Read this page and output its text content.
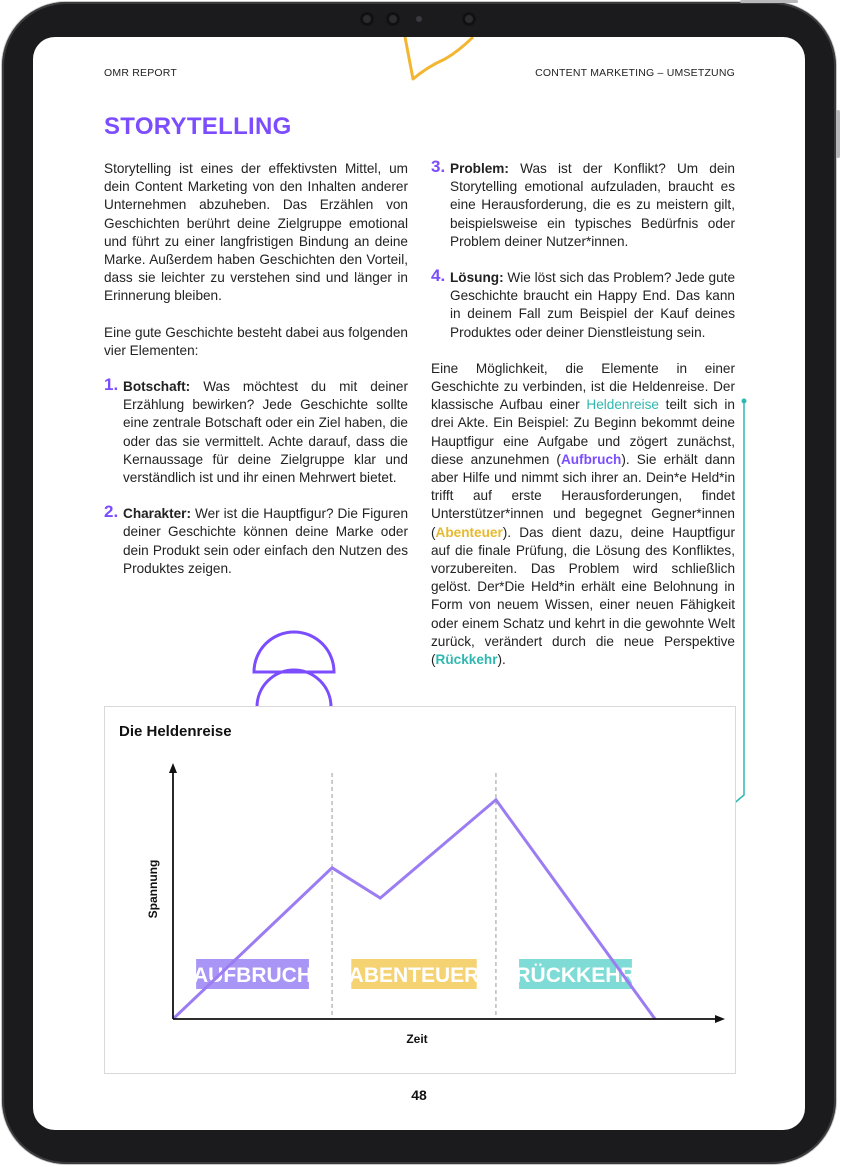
OMR REPORT	CONTENT MARKETING – UMSETZUNG
STORYTELLING

Storytelling ist eines der effektivsten Mittel, um dein Content Marketing von den Inhalten anderer Unternehmen abzuheben. Das Erzählen von Geschichten berührt deine Zielgruppe emotional und führt zu einer langfristigen Bindung an deine Marke. Außerdem haben Geschichten den Vorteil, dass sie leichter zu verstehen sind und länger in Erinnerung bleiben.

Eine gute Geschichte besteht dabei aus folgenden vier Elementen:

1. Botschaft: Was möchtest du mit deiner Erzählung bewirken? Jede Geschichte sollte eine zentrale Botschaft oder ein Ziel haben, die oder das sie vermittelt. Achte darauf, dass die Kernaussage für deine Zielgruppe klar und verständlich ist und ihr einen Mehrwert bietet.
2. Charakter: Wer ist die Hauptfigur? Die Figuren deiner Geschichte können deine Marke oder dein Produkt sein oder einfach den Nutzen des Produktes zeigen.
3. Problem: Was ist der Konflikt? Um dein Storytelling emotional aufzuladen, braucht es eine Herausforderung, die es zu meistern gilt, beispielsweise ein typisches Bedürfnis oder Problem deiner Nutzer*innen.
4. Lösung: Wie löst sich das Problem? Jede gute Geschichte braucht ein Happy End. Das kann in deinem Fall zum Beispiel der Kauf deines Produktes oder deiner Dienstleistung sein.

Eine Möglichkeit, die Elemente in einer Geschichte zu verbinden, ist die Heldenreise. Der klassische Aufbau einer Heldenreise teilt sich in drei Akte. Ein Beispiel: Zu Beginn bekommt deine Hauptfigur eine Aufgabe und zögert zunächst, diese anzunehmen (Aufbruch). Sie erhält dann aber Hilfe und nimmt sich ihrer an. Dein*e Held*in trifft auf erste Herausforderungen, findet Unterstützer*innen und begegnet Gegner*innen (Abenteuer). Das dient dazu, deine Hauptfigur auf die finale Prüfung, die Lösung des Konfliktes, vorzubereiten. Das Problem wird schließlich gelöst. Der*Die Held*in erhält eine Belohnung in Form von neuem Wissen, einer neuen Fähigkeit oder einem Schatz und kehrt in die gewohnte Welt zurück, verändert durch die neue Perspektive (Rückkehr).

Die Heldenreise
AUFBRUCH ABENTEUER RÜCKKEHR
Zeit
Spannung
48
